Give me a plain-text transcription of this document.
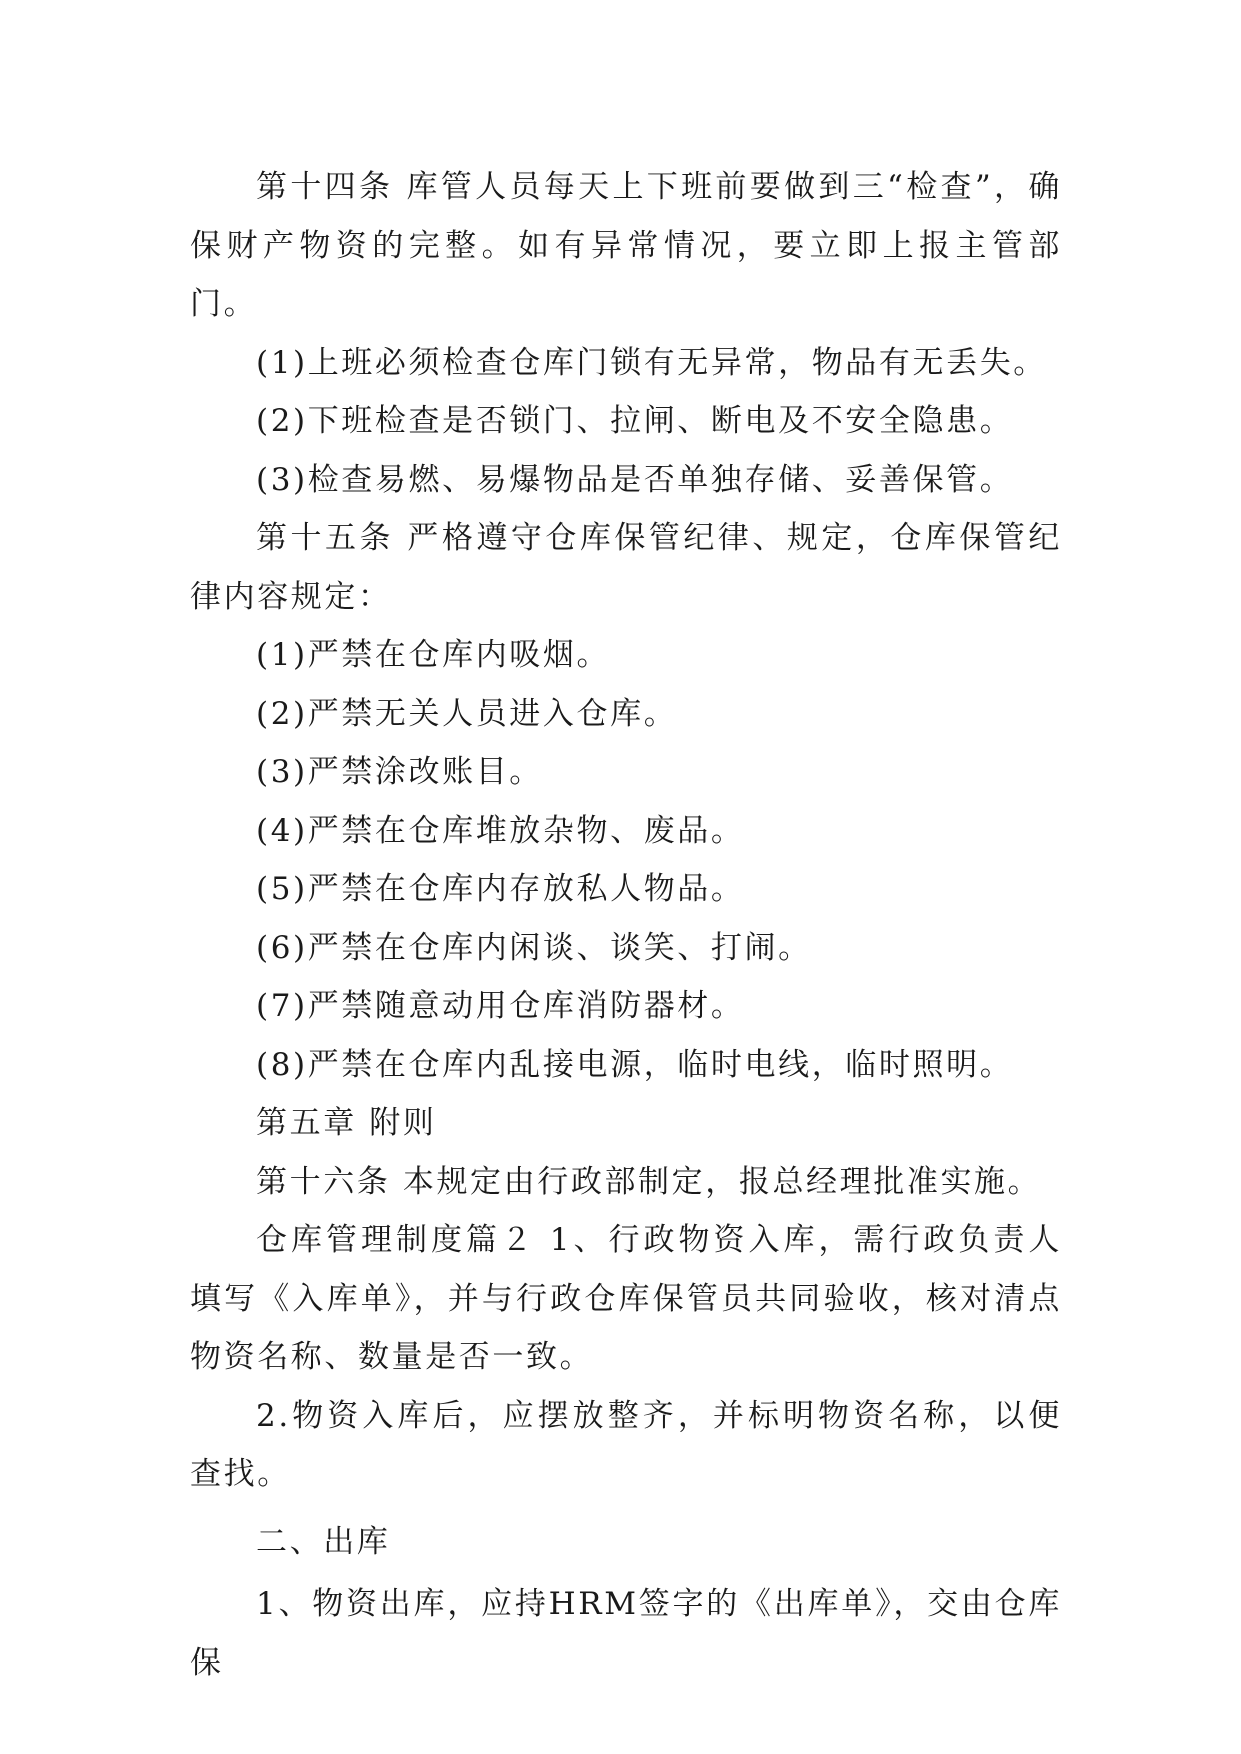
第十四条 库管人员每天上下班前要做到三“检查”，确保财产物资的完整。如有异常情况，要立即上报主管部门。

(1)上班必须检查仓库门锁有无异常，物品有无丢失。

(2)下班检查是否锁门、拉闸、断电及不安全隐患。

(3)检查易燃、易爆物品是否单独存储、妥善保管。

第十五条 严格遵守仓库保管纪律、规定，仓库保管纪律内容规定：

(1)严禁在仓库内吸烟。

(2)严禁无关人员进入仓库。

(3)严禁涂改账目。

(4)严禁在仓库堆放杂物、废品。

(5)严禁在仓库内存放私人物品。

(6)严禁在仓库内闲谈、谈笑、打闹。

(7)严禁随意动用仓库消防器材。

(8)严禁在仓库内乱接电源，临时电线，临时照明。

第五章 附则

第十六条 本规定由行政部制定，报总经理批准实施。

仓库管理制度篇２ 1、行政物资入库，需行政负责人填写《入库单》，并与行政仓库保管员共同验收，核对清点物资名称、数量是否一致。

2.物资入库后，应摆放整齐，并标明物资名称，以便查找。

二、出库

1、物资出库，应持HRM签字的《出库单》，交由仓库保
